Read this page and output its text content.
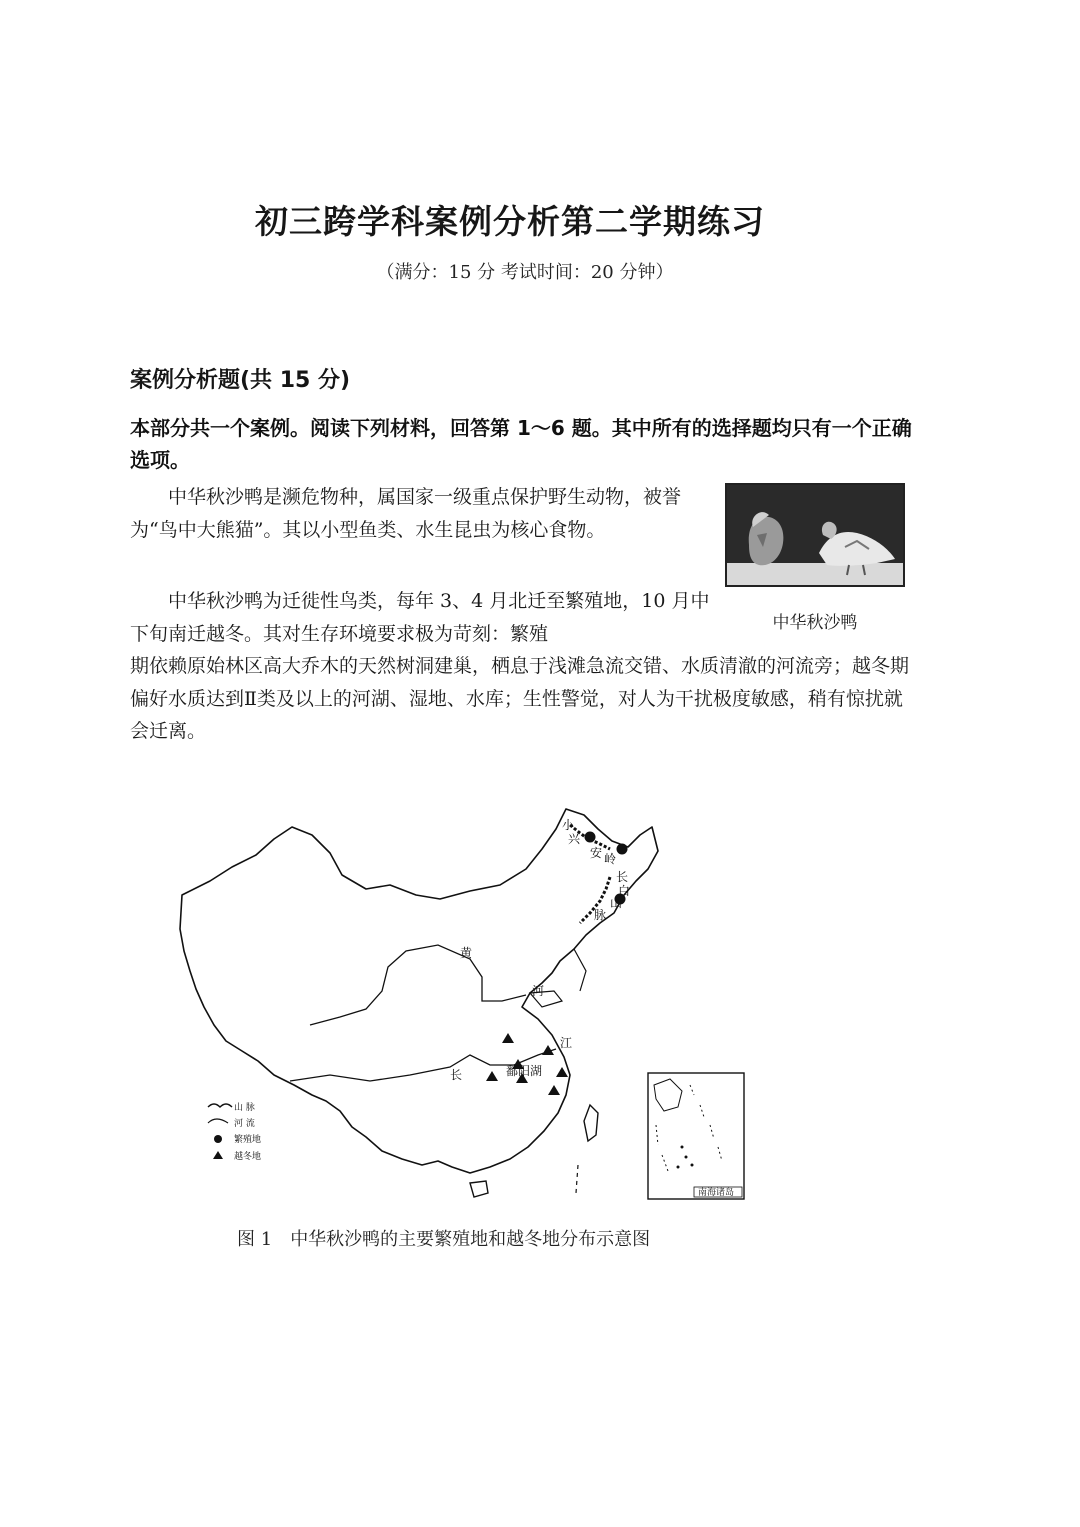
初三跨学科案例分析第二学期练习
（满分：15 分 考试时间：20 分钟）
案例分析题(共 15 分)
本部分共一个案例。阅读下列材料，回答第 1～6 题。其中所有的选择题均只有一个正确选项。
中华秋沙鸭是濒危物种，属国家一级重点保护野生动物，被誉为“鸟中大熊猫”。其以小型鱼类、水生昆虫为核心食物。
中华秋沙鸭为迁徙性鸟类，每年 3、4 月北迁至繁殖地，10 月中下旬南迁越冬。其对生存环境要求极为苛刻：繁殖
期依赖原始林区高大乔木的天然树洞建巢，栖息于浅滩急流交错、水质清澈的河流旁；越冬期偏好水质达到Ⅱ类及以上的河湖、湿地、水库；生性警觉，对人为干扰极度敏感，稍有惊扰就会迁离。
中华秋沙鸭
小
兴
安 岭
长
白
山
脉
黄
河
江
长	鄱阳湖
山 脉
河 流
繁殖地
越冬地
南海诸岛
图 1 中华秋沙鸭的主要繁殖地和越冬地分布示意图
